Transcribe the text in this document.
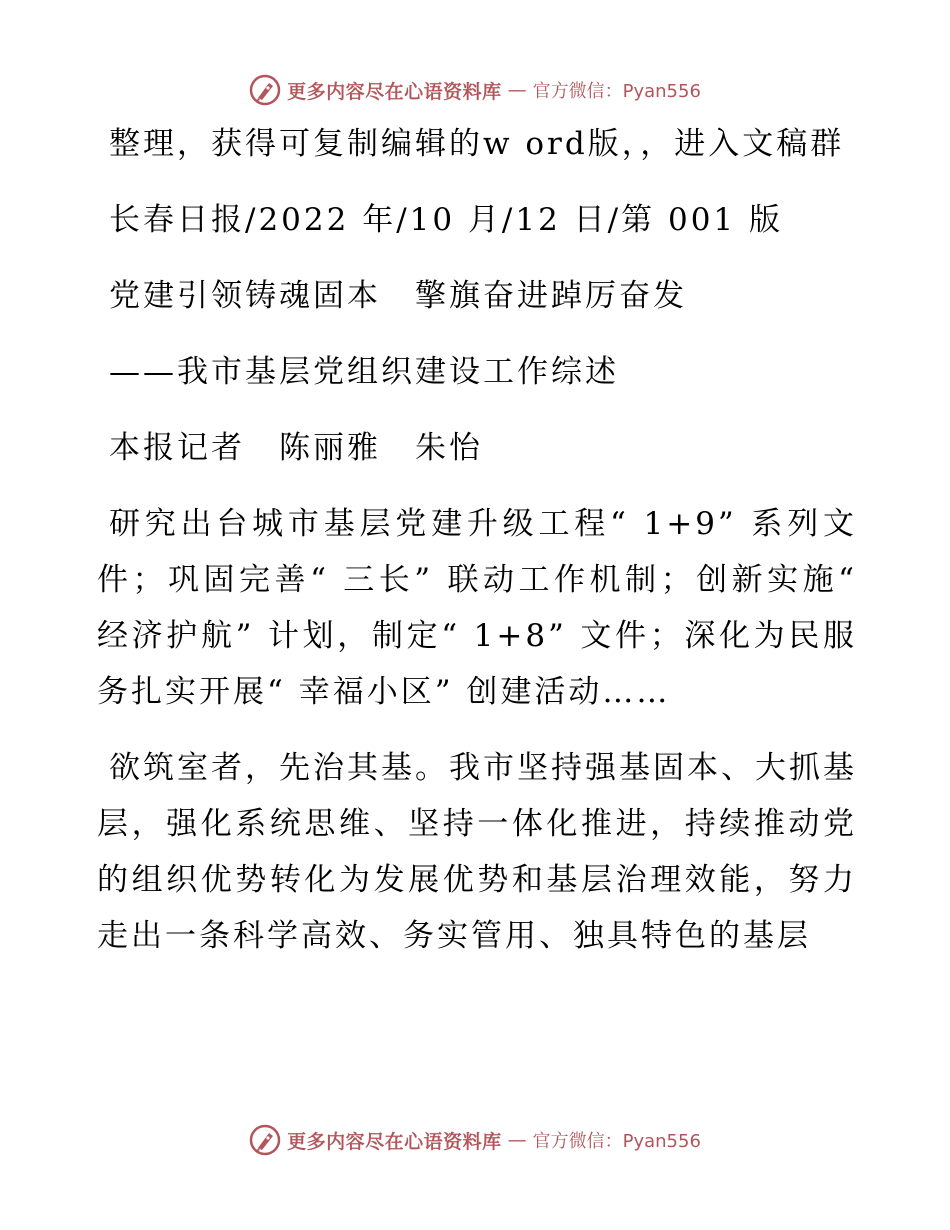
更多内容尽在心语资料库 — 官方微信：Pyan556

整理，获得可复制编辑的w ord版，，进入文稿群

长春日报/2022 年/10 月/12 日/第 001 版

党建引领铸魂固本　擎旗奋进踔厉奋发

——我市基层党组织建设工作综述

本报记者　陈丽雅　朱怡

研究出台城市基层党建升级工程“ 1+9” 系列文件；巩固完善“ 三长” 联动工作机制；创新实施“ 经济护航” 计划，制定“ 1+8” 文件；深化为民服务扎实开展“ 幸福小区” 创建活动……

欲筑室者，先治其基。我市坚持强基固本、大抓基层，强化系统思维、坚持一体化推进，持续推动党的组织优势转化为发展优势和基层治理效能，努力走出一条科学高效、务实管用、独具特色的基层

更多内容尽在心语资料库 — 官方微信：Pyan556
